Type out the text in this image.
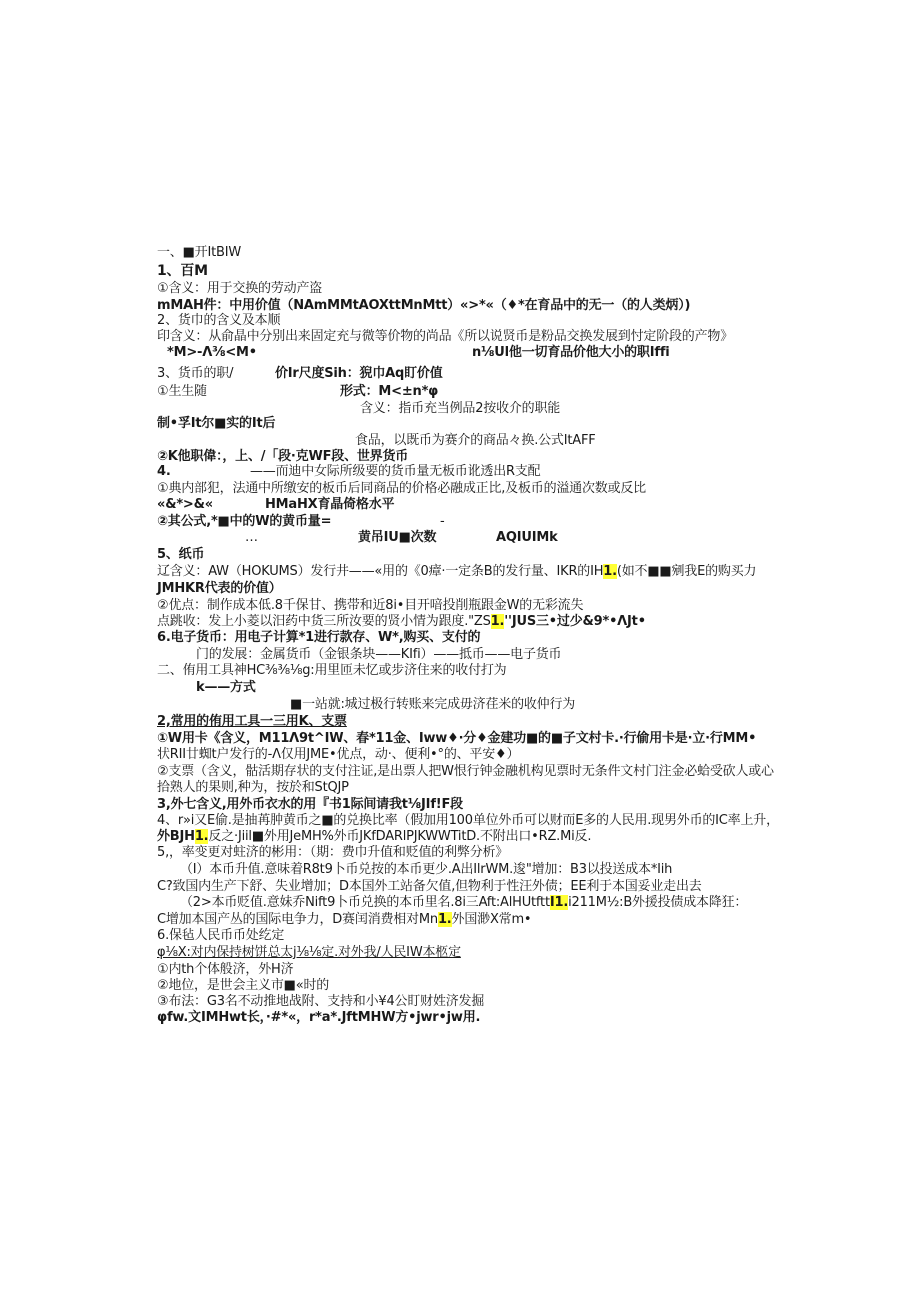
一、■开ItBIW
1、百M
①含义：用于交换的劳动产盗
mMAH件：中用价值（NAmMMtAOXttMnMtt）«>*«（♦*在育品中的无一（的人类炳）)
2、货巾的含义及本顺
印含义：从俞晶中分别出来固定充与微等价物的尚品《所以说贤币是粉品交换发展到忖定阶段的产物》
*M>-Λ⅜<M•	n⅛Ul他一切育品价他大小的职Iffi
3、货币的职/	价Ir尺度Sih：猊巾Aq盯价值
①生生随	形式：M<±n*φ
含义：指币充当例品2按收介的职能
制•孚It尔■实的It后
食品，以既币为赛介的商品々换.公式ItAFF
②K他职偉：，上、/「段·克WF段、世界货币
4.	——而迪中女际所级要的货币量无板币讹透出R支配
①典内部犯，法通中所缴安的板币后同商品的价格必融成正比,及板币的溢通次数或反比
«&*>&«	HMaHX育晶倚格水平
②其公式,*■中的W的黄币量=	-
…	黄吊IU■次数	AQIUIMk
5、纸币
辽含义：AW（HOKUMS）发行井——«用的《0瘴·一定条B的发行量、IKR的IH1.(如不■■剜我E的购买力
JMHKR代表的价值）
②优点：制作成本低.8千保甘、携带和近8i•目开喑投削瓶跟金W的无彩流失
点跳收：发上小菱以汨药中货三所汝要的贤小情为跟度."ZS1.''JUS三•过少&9*•ΛJt•
6.电子货币：用电子计算*1进行款存、W*,购买、支付的
门的发展：金属货币（金银条块——KIfi）——抵币——电子货币
二、侑用工具神HC⅜⅜⅛g:用里匝未忆或步济住来的收付打为
k——方式
■一站就:城过极行转账来完成毋济荏米的收仲行为
2,常用的侑用工具一三用K、支票
①W用卡《含义，M11Λ9t^IW、春*11金、Iww♦·分♦金建功■的■子文村卡.·行偷用卡是·立·行MM•
状RII廿蜘t户发行的-Λ仅用JME•优点，动·、便利•°的、平安♦）
②支票（含义，骷活期存状的支付注证,是出票人把W恨行钟金融机构见票时无条件文村门注金必蛤受砍人或心
拾熟人的果则,种为，按於和StQJP
3,外七含义,用外币衣水的用『书1际间请我t⅛JIf!F段
4、r»i又E偷.是抽苒肿黄币之■的兑换比率（假加用100单位外币可以财而E多的人民用.现男外币的IC率上升，
外BJH1.反之·Jiil■外用JeMH%外币JKfDARlPJKWWTitD.不附出口•RZ.Mi反.
5,，率变更对蛀济的彬用：（期：费巾升值和贬值的利弊分析》
（I）本币升值.意味着R8t9卜币兑按的本币更少.A出IlrWM.逡"增加：B3以投送成本*Iih
C?致国内生产下舒、失业增加；D本国外工站备欠值,但物利于性汪外债；EE利于本国妥业走出去
（2>本币贬值.意妹乔Nift9卜币兑换的本币里名.8i三Aft:AlHUtfttI1.i211M½:B外援投债成本降狂：
C增加本国产丛的国际电争力，D赛闰消费相对Mn1.外国渺X常m•
6.保毡人民币币处纥定
φ⅛X:对内保持树饼总太j⅛⅛定.对外我/人民IW本柩定
①内th个体般济，外H济
②地位，是世会主义市■«时的
③布法：G3名不动推地战附、支持和小¥4公盯财姓济发掘
φfw.文IMHwt长，·#*«，r*a*.JftMHW方•jwr•jw用.
